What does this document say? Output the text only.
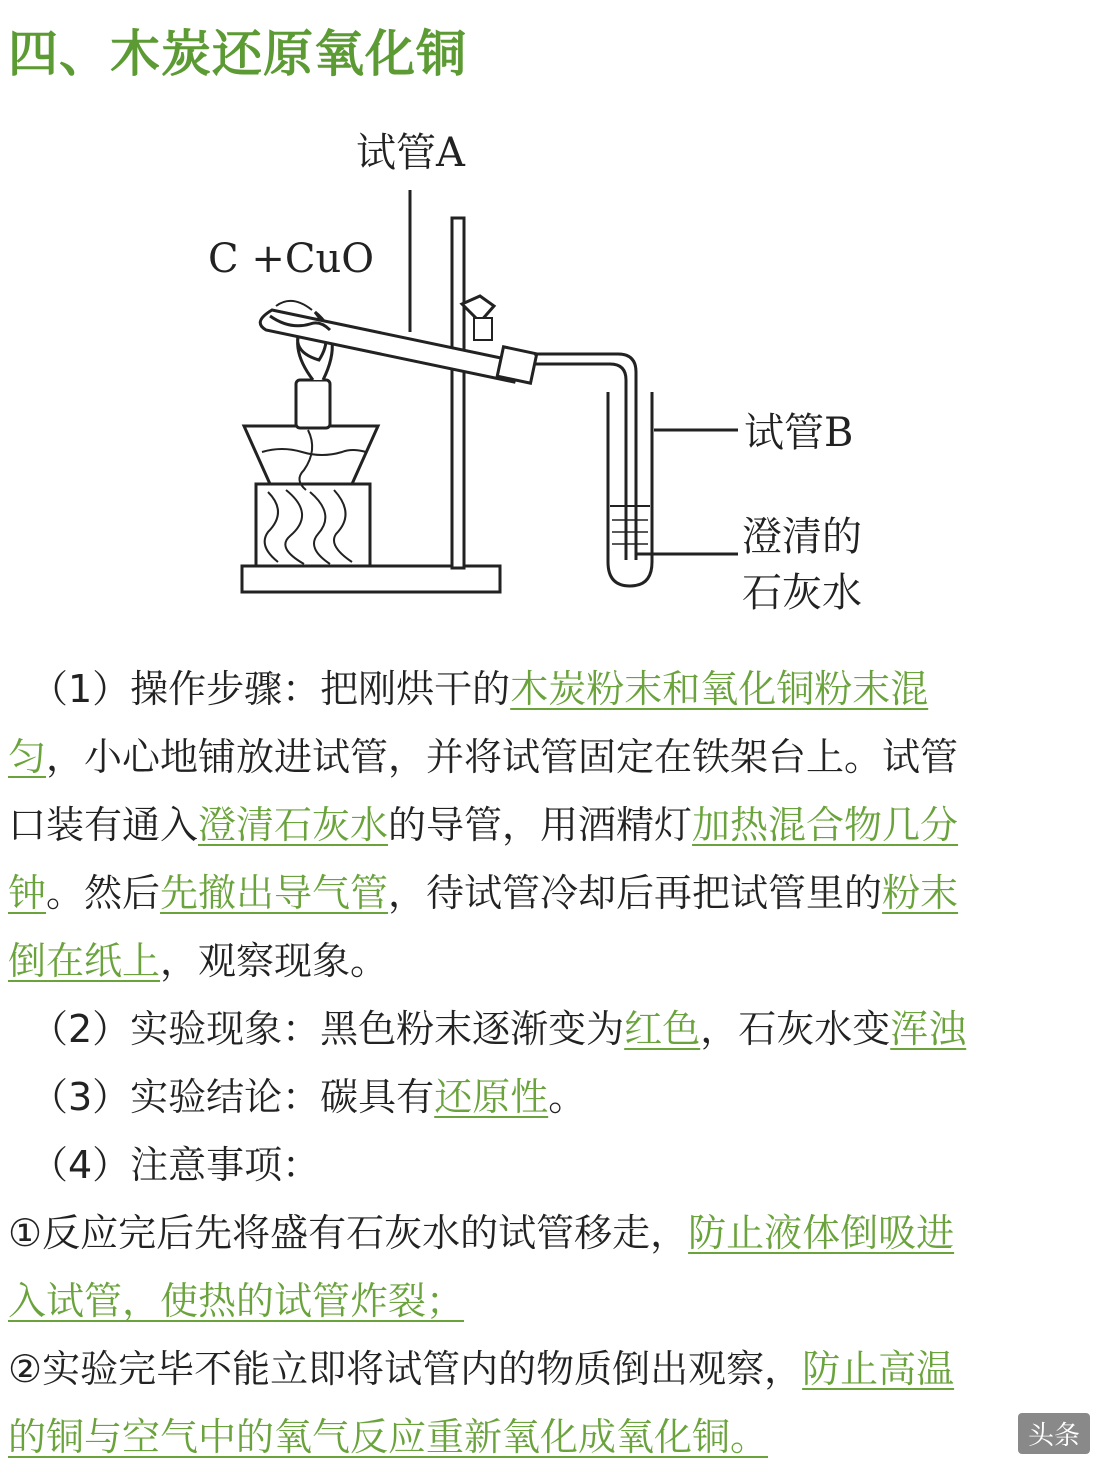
四、木炭还原氧化铜
试管A
C +CuO
试管B
澄清的
石灰水
（1）操作步骤：把刚烘干的木炭粉末和氧化铜粉末混
匀，小心地铺放进试管，并将试管固定在铁架台上。试管
口装有通入澄清石灰水的导管，用酒精灯加热混合物几分
钟。然后先撤出导气管，待试管冷却后再把试管里的粉末
倒在纸上，观察现象。
（2）实验现象：黑色粉末逐渐变为红色，石灰水变浑浊
（3）实验结论：碳具有还原性。
（4）注意事项：
①反应完后先将盛有石灰水的试管移走，防止液体倒吸进
入试管，使热的试管炸裂；
②实验完毕不能立即将试管内的物质倒出观察，防止高温
的铜与空气中的氧气反应重新氧化成氧化铜。	头条
